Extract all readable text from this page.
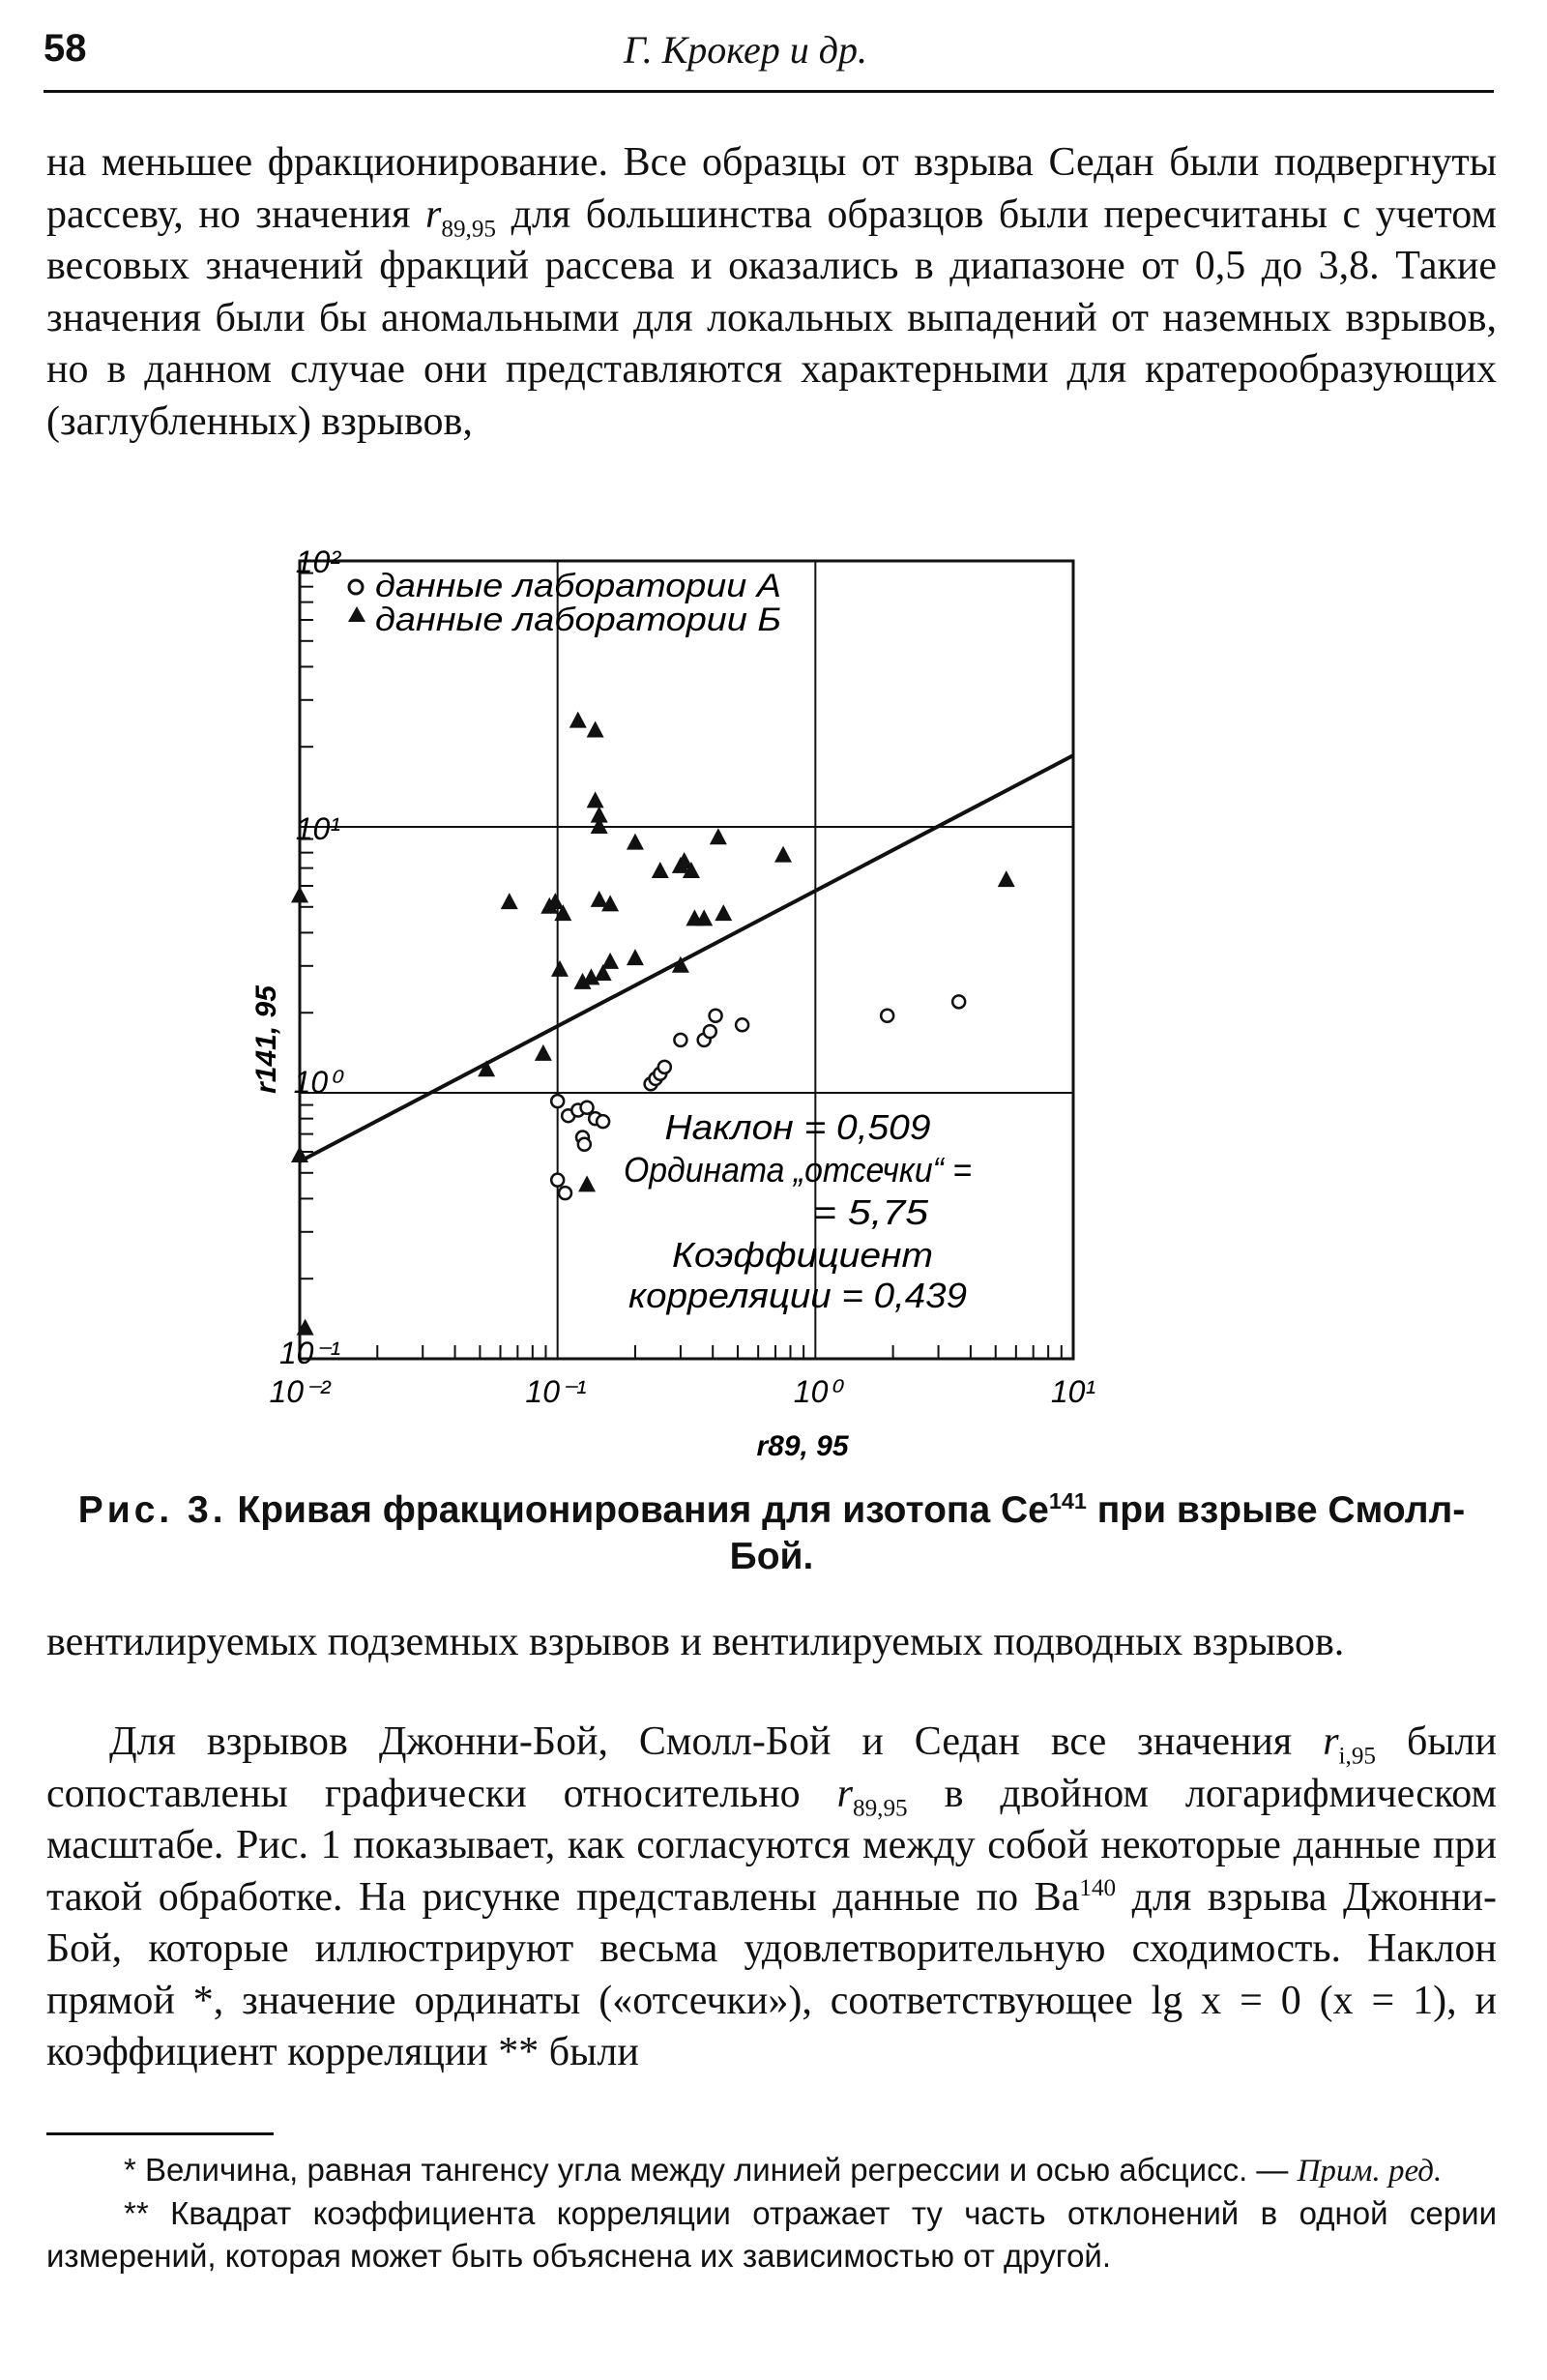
58	Г. Крокер и др.

на меньшее фракционирование. Все образцы от взрыва Седан были подвергнуты рассеву, но значения $r_{89,95}$ для большинства образцов были пересчитаны с учетом весовых значений фракций рассева и оказались в диапазоне от 0,5 до 3,8. Такие значения были бы аномальными для локальных выпадений от наземных взрывов, но в данном случае они представляются характерными для кратерообразующих (заглубленных) взрывов,

10⁻¹
10⁰
10¹
10²
10⁻²	10⁻¹	10⁰	10¹
r89, 95
r141, 95
данные лаборатории А
данные лаборатории Б
Наклон = 0,509
Ордината „отсечки“ =
= 5,75
Коэффициент
корреляции = 0,439
Рис. 3. Кривая фракционирования для изотопа Ce$^{141}$ при взрыве Смолл-Бой.

вентилируемых подземных взрывов и вентилируемых подводных взрывов.

Для взрывов Джонни-Бой, Смолл-Бой и Седан все значения $r_{i,95}$ были сопоставлены графически относительно $r_{89,95}$ в двойном логарифмическом масштабе. Рис. 1 показывает, как согласуются между собой некоторые данные при такой обработке. На рисунке представлены данные по Ba$^{140}$ для взрыва Джонни-Бой, которые иллюстрируют весьма удовлетворительную сходимость. Наклон прямой *, значение ординаты («отсечки»), соответствующее lg x = 0 (x = 1), и коэффициент корреляции ** были

* Величина, равная тангенсу угла между линией регрессии и осью абсцисс. — Прим. ред.

** Квадрат коэффициента корреляции отражает ту часть отклонений в одной серии измерений, которая может быть объяснена их зависимостью от другой.
